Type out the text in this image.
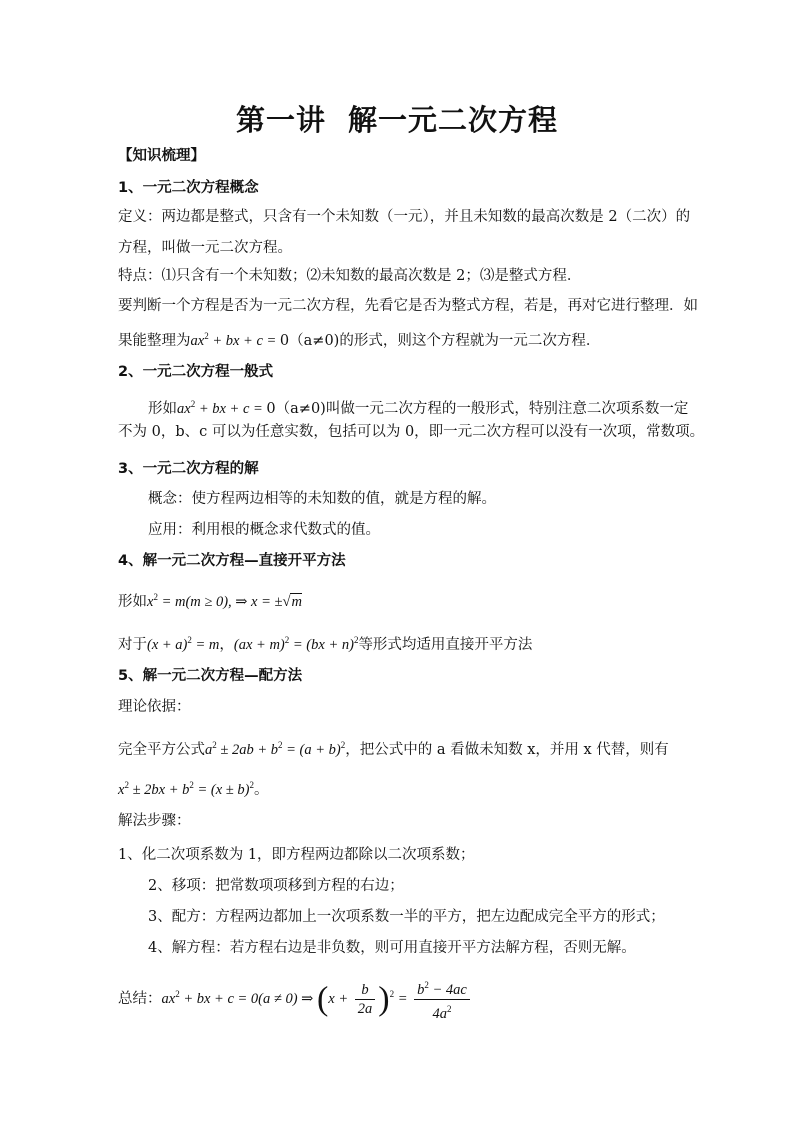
第一讲 解一元二次方程
【知识梳理】
1、一元二次方程概念
定义：两边都是整式，只含有一个未知数（一元），并且未知数的最高次数是 2（二次）的
方程，叫做一元二次方程。
特点：⑴只含有一个未知数；⑵未知数的最高次数是 2；⑶是整式方程．
要判断一个方程是否为一元二次方程，先看它是否为整式方程，若是，再对它进行整理．如
果能整理为$ax^2$ + bx + c = 0（a≠0)的形式，则这个方程就为一元二次方程．
2、一元二次方程一般式
形如$ax^2$ + bx + c = 0（a≠0)叫做一元二次方程的一般形式，特别注意二次项系数一定
不为 0，b、c 可以为任意实数，包括可以为 0，即一元二次方程可以没有一次项，常数项。
3、一元二次方程的解
概念：使方程两边相等的未知数的值，就是方程的解。
应用：利用根的概念求代数式的值。
4、解一元二次方程—直接开平方法
形如$x^2 = m(m \ge 0)$, ⇒ x = ±√m
对于$(x + a)^2 = m$，(ax + m)$^2$ = (bx + n)$^2$等形式均适用直接开平方法
5、解一元二次方程—配方法
理论依据：
完全平方公式$a^2 \pm 2ab + b^2 = (a + b)^2$，把公式中的 a 看做未知数 x，并用 x 代替，则有
$x^2 \pm 2bx + b^2 = (x \pm b)^2$。
解法步骤：
1、化二次项系数为 1，即方程两边都除以二次项系数；
2、移项：把常数项项移到方程的右边；
3、配方：方程两边都加上一次项系数一半的平方，把左边配成完全平方的形式；
4、解方程：若方程右边是非负数，则可用直接开平方法解方程，否则无解。
总结：$ax^2$ + bx + c = 0(a ≠ 0) ⇒ $(x + \frac{b}{2a} )^2 = \frac{b^2 - 4ac}{4a^2}$
